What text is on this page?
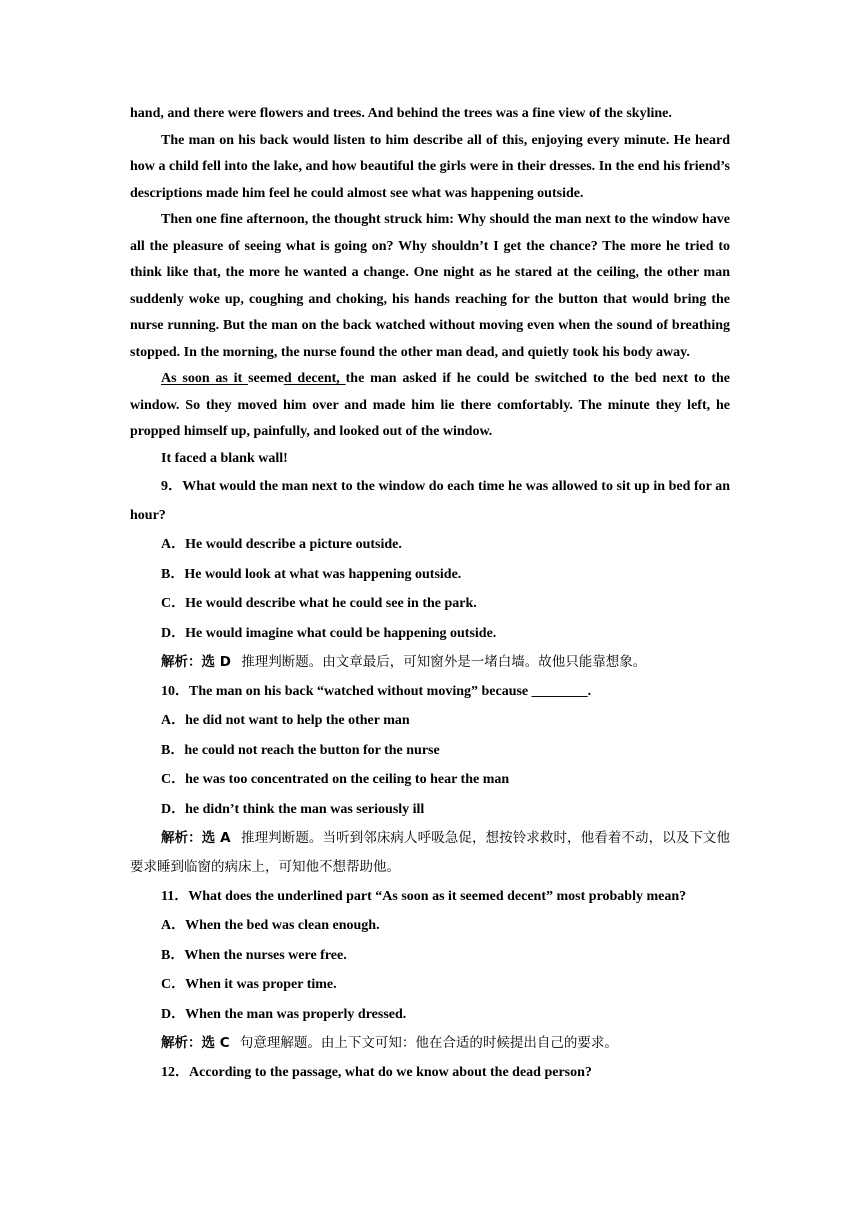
hand, and there were flowers and trees. And behind the trees was a fine view of the skyline.

The man on his back would listen to him describe all of this, enjoying every minute. He heard how a child fell into the lake, and how beautiful the girls were in their dresses. In the end his friend’s descriptions made him feel he could almost see what was happening outside.

Then one fine afternoon, the thought struck him: Why should the man next to the window have all the pleasure of seeing what is going on? Why shouldn’t I get the chance? The more he tried to think like that, the more he wanted a change. One night as he stared at the ceiling, the other man suddenly woke up, coughing and choking, his hands reaching for the button that would bring the nurse running. But the man on the back watched without moving even when the sound of breathing stopped. In the morning, the nurse found the other man dead, and quietly took his body away.

As soon as it seemed decent, the man asked if he could be switched to the bed next to the window. So they moved him over and made him lie there comfortably. The minute they left, he propped himself up, painfully, and looked out of the window.

It faced a blank wall!

9．What would the man next to the window do each time he was allowed to sit up in bed for an hour?

A．He would describe a picture outside.

B．He would look at what was happening outside.

C．He would describe what he could see in the park.

D．He would imagine what could be happening outside.

解析：选 D 推理判断题。由文章最后，可知窗外是一堵白墙。故他只能靠想象。

10．The man on his back “watched without moving” because ________.

A．he did not want to help the other man

B．he could not reach the button for the nurse

C．he was too concentrated on the ceiling to hear the man

D．he didn’t think the man was seriously ill

解析：选 A 推理判断题。当听到邻床病人呼吸急促，想按铃求救时，他看着不动，以及下文他要求睡到临窗的病床上，可知他不想帮助他。

11．What does the underlined part “As soon as it seemed decent” most probably mean?

A．When the bed was clean enough.

B．When the nurses were free.

C．When it was proper time.

D．When the man was properly dressed.

解析：选 C 句意理解题。由上下文可知：他在合适的时候提出自己的要求。

12．According to the passage, what do we know about the dead person?
